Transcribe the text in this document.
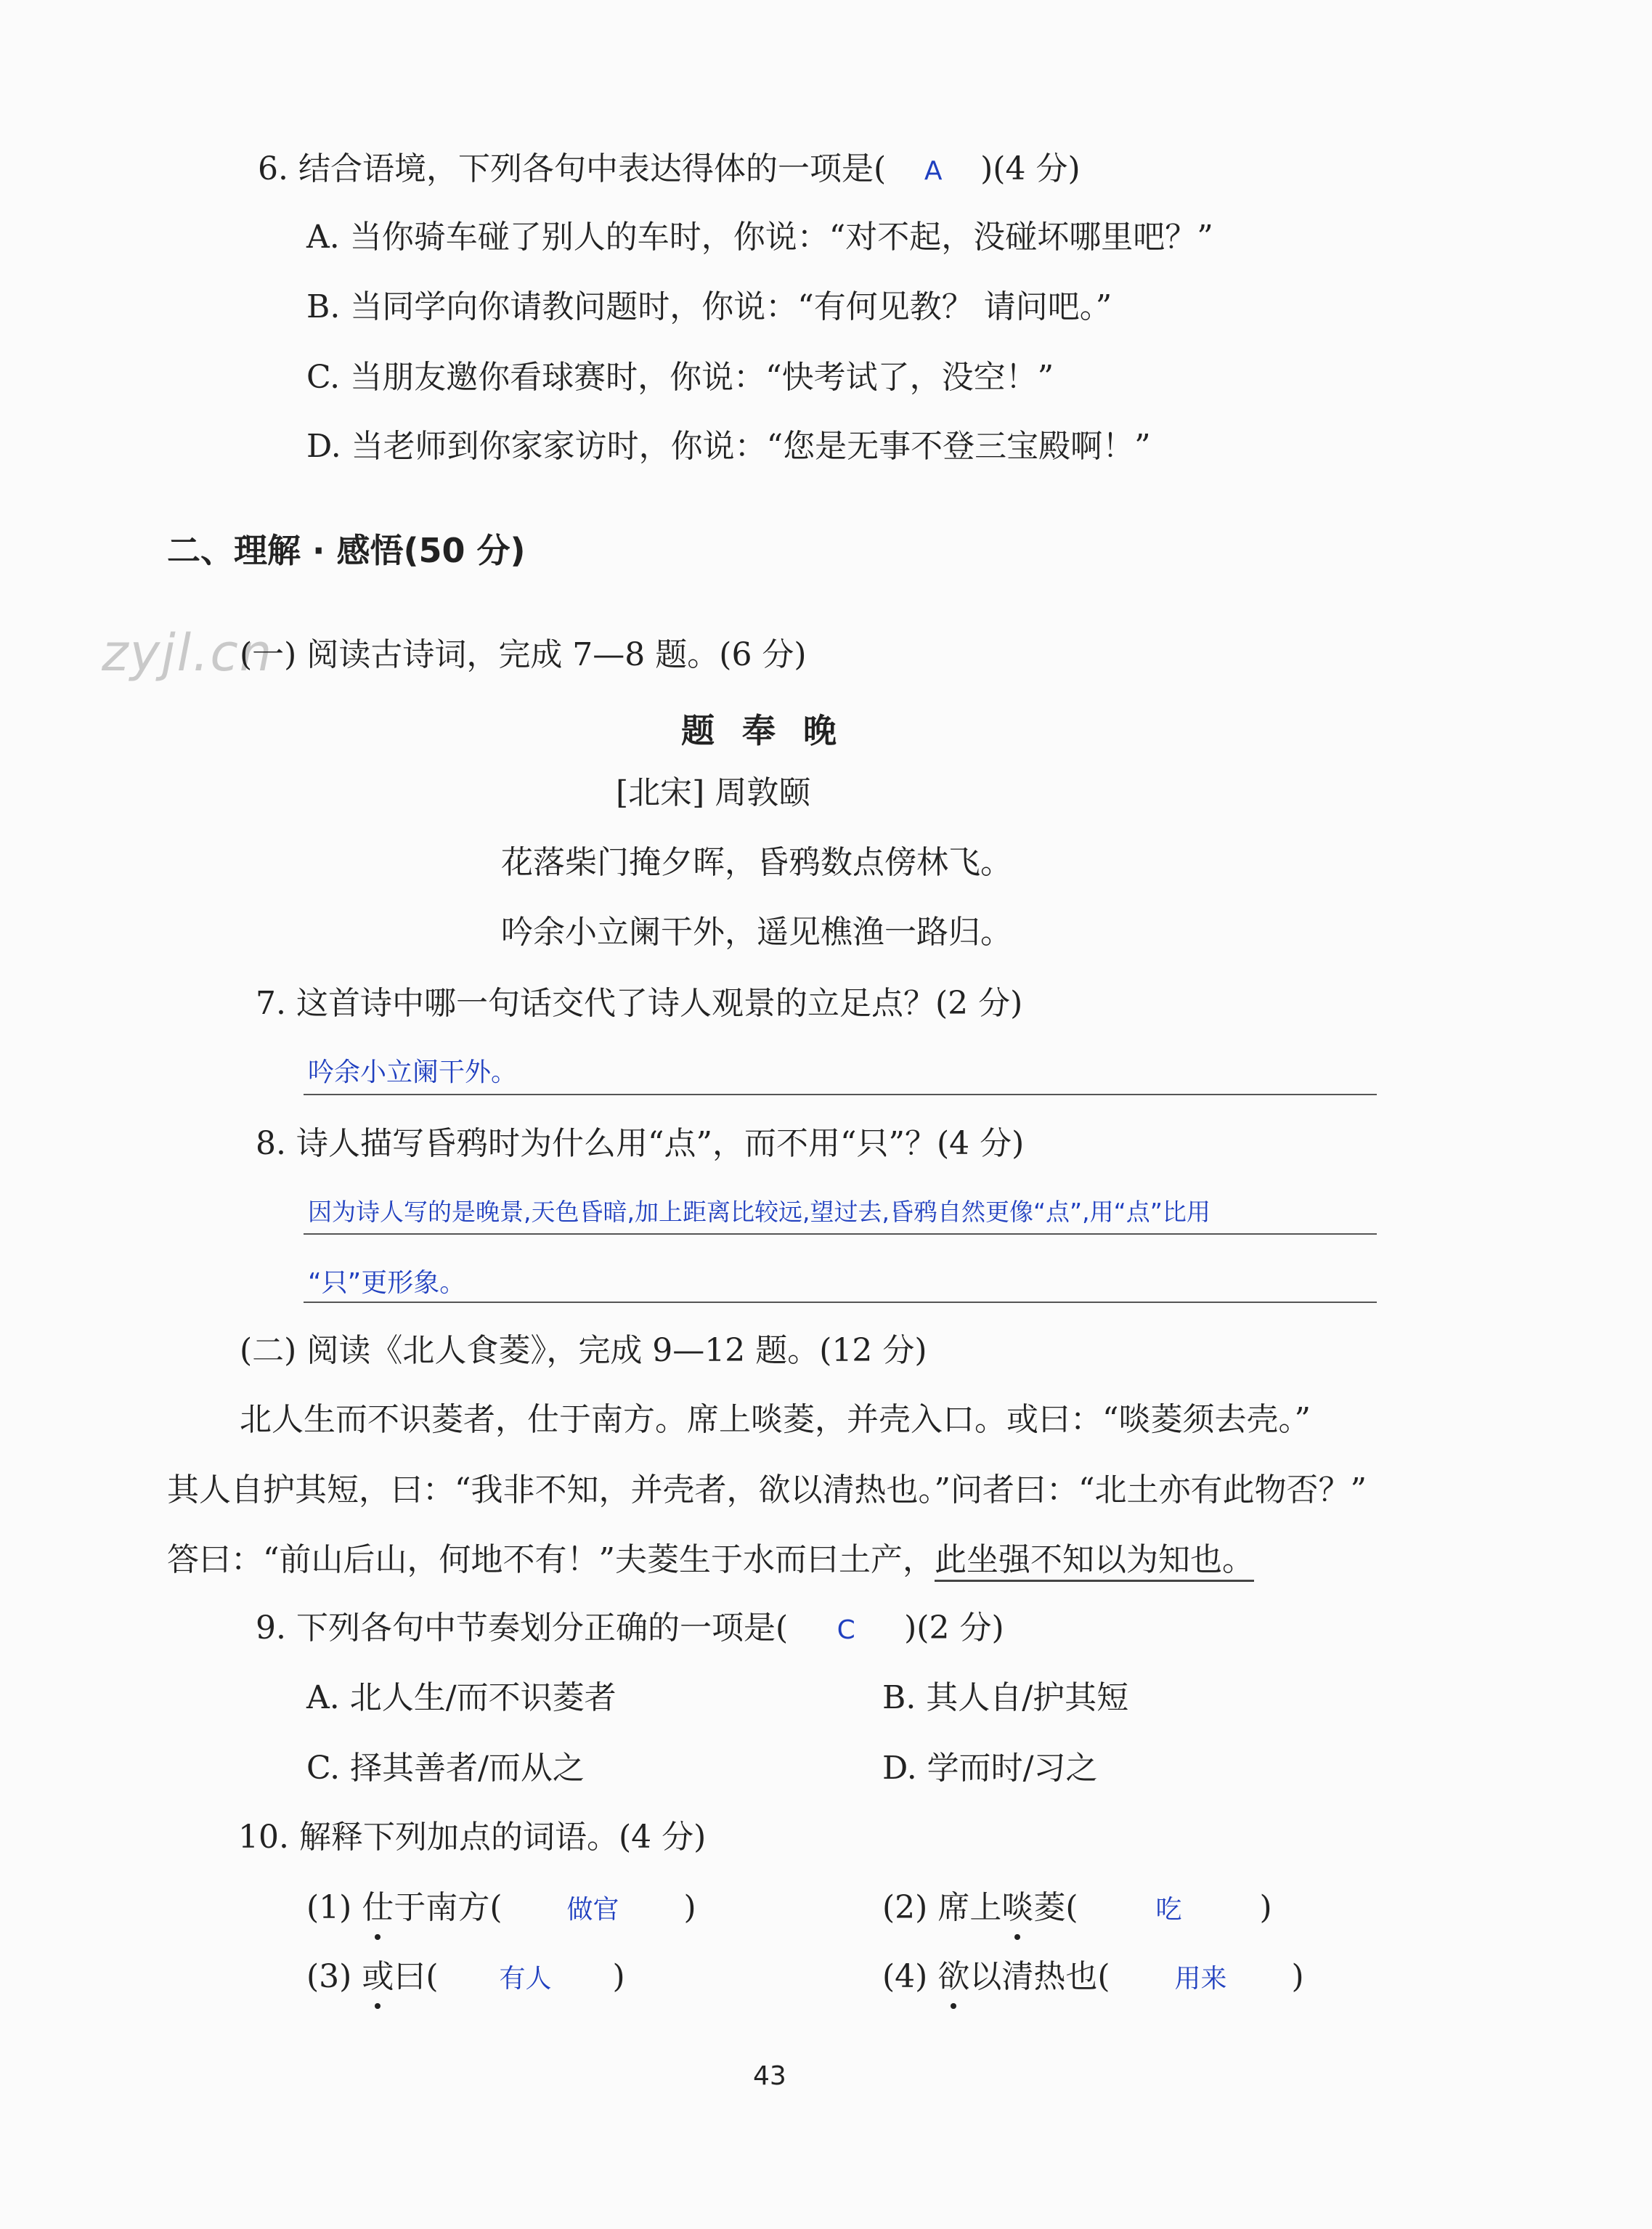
6. 结合语境，下列各句中表达得体的一项是( A )(4 分)
A. 当你骑车碰了别人的车时，你说：“对不起，没碰坏哪里吧？”
B. 当同学向你请教问题时，你说：“有何见教？ 请问吧。”
C. 当朋友邀你看球赛时，你说：“快考试了，没空！”
D. 当老师到你家家访时，你说：“您是无事不登三宝殿啊！”
二、理解 · 感悟(50 分)
zyjl.cn
(一) 阅读古诗词，完成 7—8 题。(6 分)
题奉晚
[北宋] 周敦颐
花落柴门掩夕晖，昏鸦数点傍林飞。
吟余小立阑干外，遥见樵渔一路归。
7. 这首诗中哪一句话交代了诗人观景的立足点？(2 分)
吟余小立阑干外。
8. 诗人描写昏鸦时为什么用“点”，而不用“只”？(4 分)
因为诗人写的是晚景,天色昏暗,加上距离比较远,望过去,昏鸦自然更像“点”,用“点”比用
“只”更形象。
(二) 阅读《北人食菱》，完成 9—12 题。(12 分)
北人生而不识菱者，仕于南方。席上啖菱，并壳入口。或曰：“啖菱须去壳。”
其人自护其短，曰：“我非不知，并壳者，欲以清热也。”问者曰：“北土亦有此物否？”
答曰：“前山后山，何地不有！”夫菱生于水而曰土产，此坐强不知以为知也。
9. 下列各句中节奏划分正确的一项是( C )(2 分)
A. 北人生/而不识菱者	B. 其人自/护其短
C. 择其善者/而从之	D. 学而时/习之
10. 解释下列加点的词语。(4 分)
(1) 仕于南方( 做官 )	(2) 席上啖菱(	吃 )
(3) 或曰( 有人 )	(4) 欲以清热也( 用来 )
43
